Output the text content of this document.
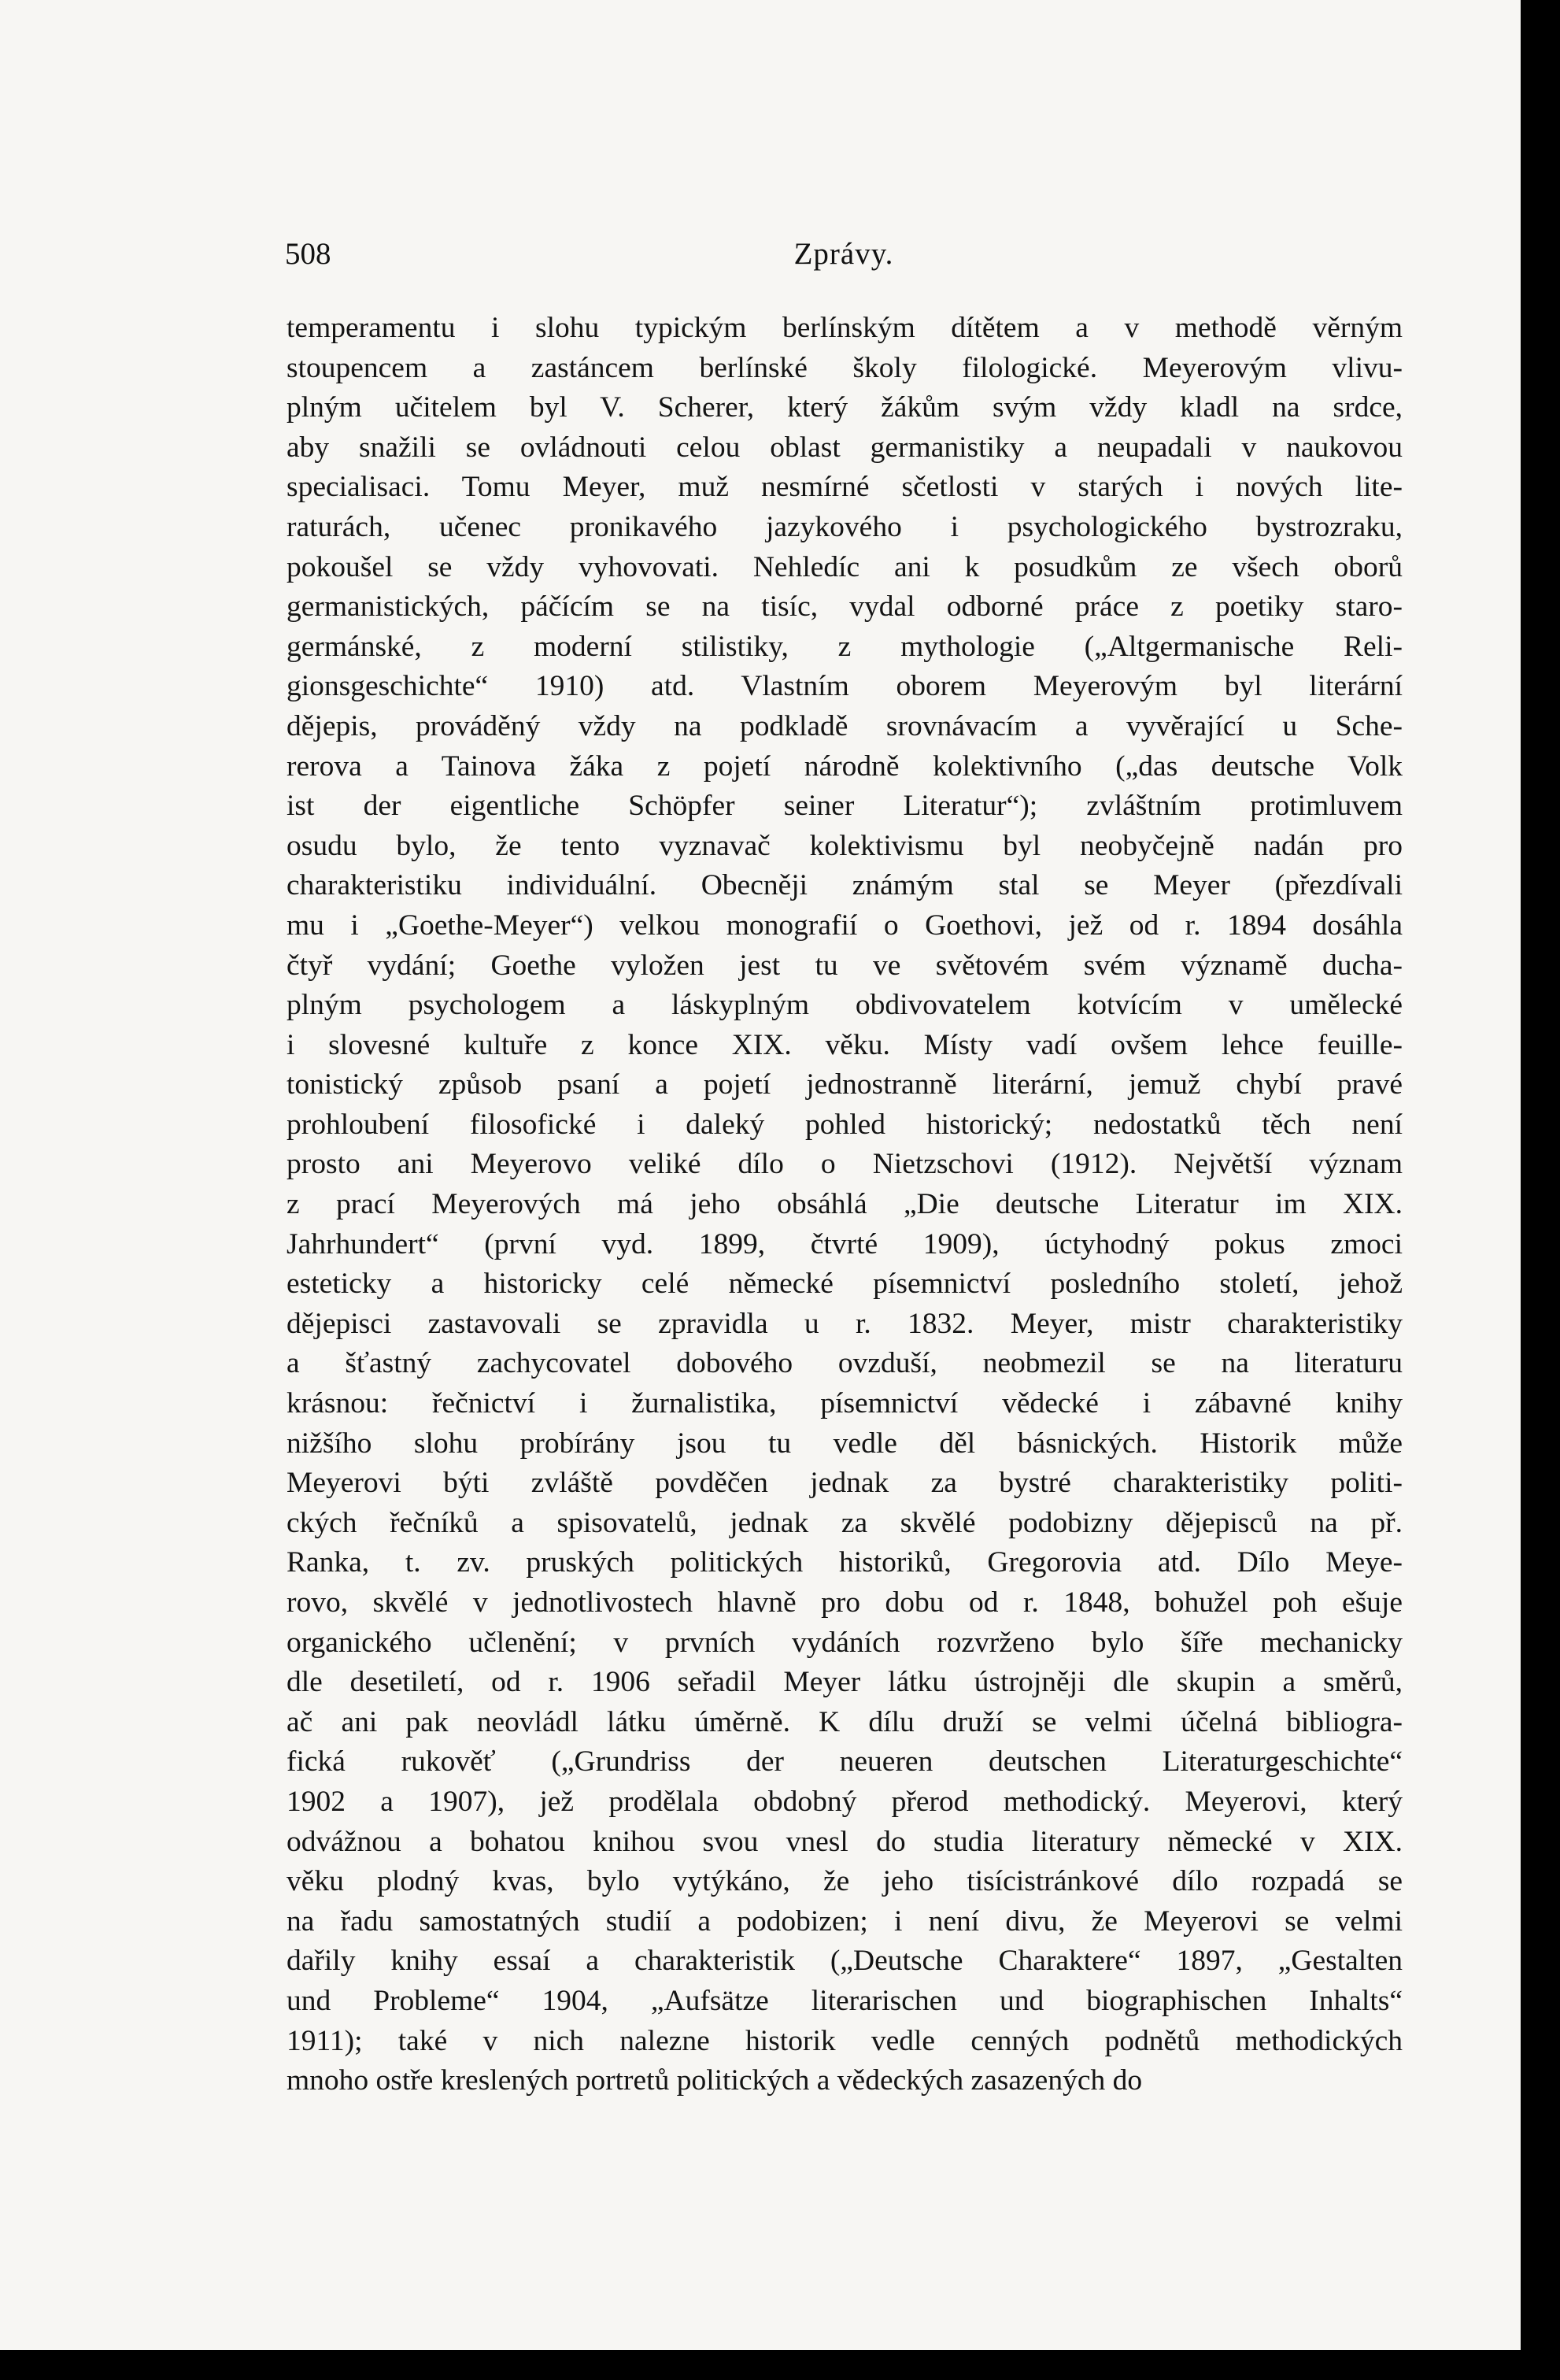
508	Zprávy.
temperamentu i slohu typickým berlínským dítětem a v methodě věrným
stoupencem a zastáncem berlínské školy filologické. Meyerovým vlivu-
plným učitelem byl V. Scherer, který žákům svým vždy kladl na srdce,
aby snažili se ovládnouti celou oblast germanistiky a neupadali v naukovou
specialisaci. Tomu Meyer, muž nesmírné sčetlosti v starých i nových lite-
raturách, učenec pronikavého jazykového i psychologického bystrozraku,
pokoušel se vždy vyhovovati. Nehledíc ani k posudkům ze všech oborů
germanistických, páčícím se na tisíc, vydal odborné práce z poetiky staro-
germánské, z moderní stilistiky, z mythologie („Altgermanische Reli-
gionsgeschichte“ 1910) atd. Vlastním oborem Meyerovým byl literární
dějepis, prováděný vždy na podkladě srovnávacím a vyvěrající u Sche-
rerova a Tainova žáka z pojetí národně kolektivního („das deutsche Volk
ist der eigentliche Schöpfer seiner Literatur“); zvláštním protimluvem
osudu bylo, že tento vyznavač kolektivismu byl neobyčejně nadán pro
charakteristiku individuální. Obecněji známým stal se Meyer (přezdívali
mu i „Goethe-Meyer“) velkou monografií o Goethovi, jež od r. 1894 dosáhla
čtyř vydání; Goethe vyložen jest tu ve světovém svém významě ducha-
plným psychologem a láskyplným obdivovatelem kotvícím v umělecké
i slovesné kultuře z konce XIX. věku. Místy vadí ovšem lehce feuille-
tonistický způsob psaní a pojetí jednostranně literární, jemuž chybí pravé
prohloubení filosofické i daleký pohled historický; nedostatků těch není
prosto ani Meyerovo veliké dílo o Nietzschovi (1912). Největší význam
z prací Meyerových má jeho obsáhlá „Die deutsche Literatur im XIX.
Jahrhundert“ (první vyd. 1899, čtvrté 1909), úctyhodný pokus zmoci
esteticky a historicky celé německé písemnictví posledního století, jehož
dějepisci zastavovali se zpravidla u r. 1832. Meyer, mistr charakteristiky
a šťastný zachycovatel dobového ovzduší, neobmezil se na literaturu
krásnou: řečnictví i žurnalistika, písemnictví vědecké i zábavné knihy
nižšího slohu probírány jsou tu vedle děl básnických. Historik může
Meyerovi býti zvláště povděčen jednak za bystré charakteristiky politi-
ckých řečníků a spisovatelů, jednak za skvělé podobizny dějepisců na př.
Ranka, t. zv. pruských politických historiků, Gregorovia atd. Dílo Meye-
rovo, skvělé v jednotlivostech hlavně pro dobu od r. 1848, bohužel poh ešuje
organického učlenění; v prvních vydáních rozvrženo bylo šíře mechanicky
dle desetiletí, od r. 1906 seřadil Meyer látku ústrojněji dle skupin a směrů,
ač ani pak neovládl látku úměrně. K dílu druží se velmi účelná bibliogra-
fická rukověť („Grundriss der neueren deutschen Literaturgeschichte“
1902 a 1907), jež prodělala obdobný přerod methodický. Meyerovi, který
odvážnou a bohatou knihou svou vnesl do studia literatury německé v XIX.
věku plodný kvas, bylo vytýkáno, že jeho tisícistránkové dílo rozpadá se
na řadu samostatných studií a podobizen; i není divu, že Meyerovi se velmi
dařily knihy essaí a charakteristik („Deutsche Charaktere“ 1897, „Gestalten
und Probleme“ 1904, „Aufsätze literarischen und biographischen Inhalts“
1911); také v nich nalezne historik vedle cenných podnětů methodických
mnoho ostře kreslených portretů politických a vědeckých zasazených do
